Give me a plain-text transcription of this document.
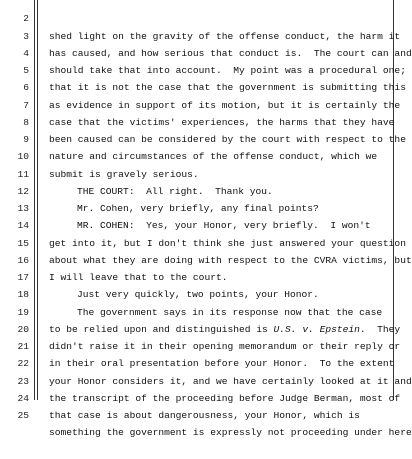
2

shed light on the gravity of the offense conduct, the harm it

3

has caused, and how serious that conduct is.  The court can and

4

should take that into account.  My point was a procedural one;

5

that it is not the case that the government is submitting this

6

as evidence in support of its motion, but it is certainly the

7

case that the victims' experiences, the harms that they have

8

been caused can be considered by the court with respect to the

9

nature and circumstances of the offense conduct, which we

10

submit is gravely serious.

11

THE COURT:  All right.  Thank you.

12

Mr. Cohen, very briefly, any final points?

13

MR. COHEN:  Yes, your Honor, very briefly.  I won't

14

get into it, but I don't think she just answered your question

15

about what they are doing with respect to the CVRA victims, but

16

I will leave that to the court.

17

Just very quickly, two points, your Honor.

18

The government says in its response now that the case

19

to be relied upon and distinguished is U.S. v. Epstein.  They

20

didn't raise it in their opening memorandum or their reply or

21

in their oral presentation before your Honor.  To the extent

22

your Honor considers it, and we have certainly looked at it and

23

the transcript of the proceeding before Judge Berman, most of

24

that case is about dangerousness, your Honor, which is

25

something the government is expressly not proceeding under here
